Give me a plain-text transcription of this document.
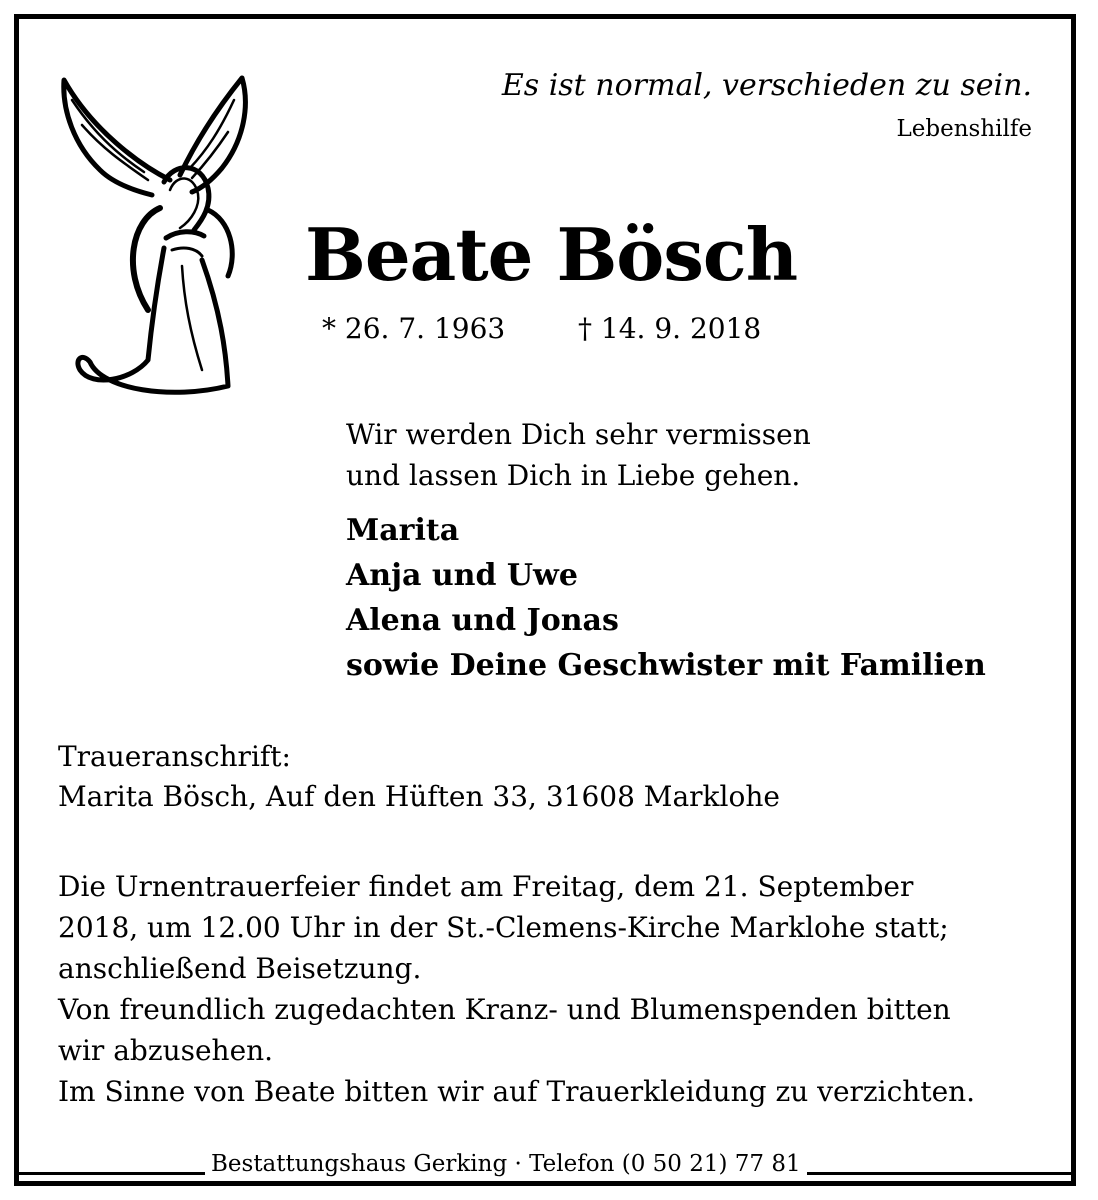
Es ist normal, verschieden zu sein.
Lebenshilfe
Beate Bösch
* 26. 7. 1963	† 14. 9. 2018
Wir werden Dich sehr vermissen
und lassen Dich in Liebe gehen.
Marita
Anja und Uwe
Alena und Jonas
sowie Deine Geschwister mit Familien
Traueranschrift:
Marita Bösch, Auf den Hüften 33, 31608 Marklohe

Die Urnentrauerfeier findet am Freitag, dem 21. September

2018, um 12.00 Uhr in der St.-Clemens-Kirche Marklohe statt;

anschließend Beisetzung.

Von freundlich zugedachten Kranz- und Blumenspenden bitten

wir abzusehen.

Im Sinne von Beate bitten wir auf Trauerkleidung zu verzichten.

Bestattungshaus Gerking · Telefon (0 50 21) 77 81
